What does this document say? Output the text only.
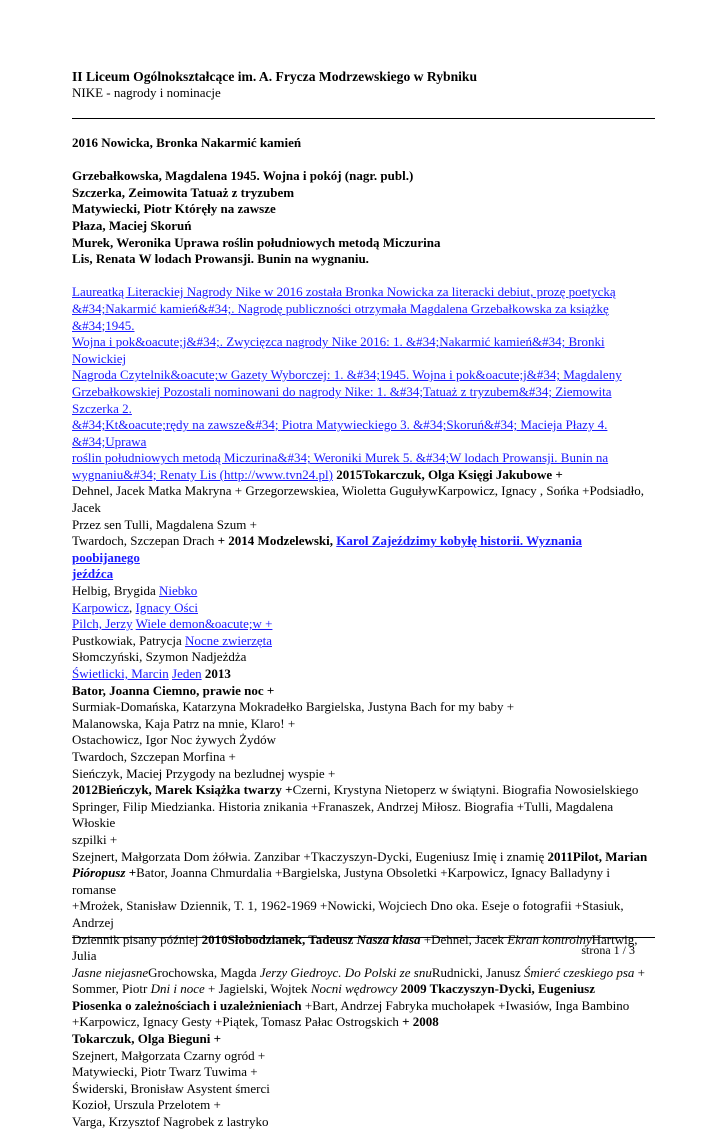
II Liceum Ogólnokształcące im. A. Frycza Modrzewskiego w Rybniku
NIKE - nagrody i nominacje
2016 Nowicka, Bronka Nakarmić kamień
Grzebałkowska, Magdalena 1945. Wojna i pokój (nagr. publ.)
Szczerka, Zeimowita Tatuaż z tryzubem
Matywiecki, Piotr Któręły na zawsze
Płaza, Maciej Skoruń
Murek, Weronika Uprawa roślin południowych metodą Miczurina
Lis, Renata W lodach Prowansji. Bunin na wygnaniu.
Laureatką Literackiej Nagrody Nike w 2016 została Bronka Nowicka za literacki debiut, prozę poetycką
&#34;Nakarmić kamień&#34;. Nagrodę publiczności otrzymała Magdalena Grzebałkowska za książkę &#34;1945.
Wojna i pok&oacute;j&#34;. Zwycięzca nagrody Nike 2016: 1. &#34;Nakarmić kamień&#34; Bronki Nowickiej
Nagroda Czytelnik&oacute;w Gazety Wyborczej: 1. &#34;1945. Wojna i pok&oacute;j&#34; Magdaleny
Grzebałkowskiej Pozostali nominowani do nagrody Nike: 1. &#34;Tatuaż z tryzubem&#34; Ziemowita Szczerka 2.
&#34;Kt&oacute;rędy na zawsze&#34; Piotra Matywieckiego 3. &#34;Skoruń&#34; Macieja Płazy 4. &#34;Uprawa
roślin południowych metodą Miczurina&#34; Weroniki Murek 5. &#34;W lodach Prowansji. Bunin na
wygnaniu&#34; Renaty Lis (http://www.tvn24.pl) 2015Tokarczuk, Olga Księgi Jakubowe +
Dehnel, Jacek Matka Makryna + Grzegorzewskiea, Wioletta GuguływKarpowicz, Ignacy , Sońka +Podsiadło, Jacek
Przez sen Tulli, Magdalena Szum +
Twardoch, Szczepan Drach + 2014 Modzelewski, Karol Zajeździmy kobyłę historii. Wyznania poobijanego
jeźdźca
Helbig, Brygida Niebko
Karpowicz, Ignacy Ości
Pilch, Jerzy Wiele demon&oacute;w +
Pustkowiak, Patrycja Nocne zwierzęta
Słomczyński, Szymon Nadjeżdża
Świetlicki, Marcin Jeden 2013
Bator, Joanna Ciemno, prawie noc +
Surmiak-Domańska, Katarzyna Mokradełko Bargielska, Justyna Bach for my baby +
Malanowska, Kaja Patrz na mnie, Klaro! +
Ostachowicz, Igor Noc żywych Żydów
Twardoch, Szczepan Morfina +
Sieńczyk, Maciej Przygody na bezludnej wyspie +
2012Bieńczyk, Marek Książka twarzy +Czerni, Krystyna Nietoperz w świątyni. Biografia Nowosielskiego
Springer, Filip Miedzianka. Historia znikania +Franaszek, Andrzej Miłosz. Biografia +Tulli, Magdalena Włoskie
szpilki +
Szejnert, Małgorzata Dom żółwia. Zanzibar +Tkaczyszyn-Dycki, Eugeniusz Imię i znamię 2011Pilot, Marian
Pióropusz +Bator, Joanna Chmurdalia +Bargielska, Justyna Obsoletki +Karpowicz, Ignacy Balladyny i romanse
+Mrożek, Stanisław Dziennik, T. 1, 1962-1969 +Nowicki, Wojciech Dno oka. Eseje o fotografii +Stasiuk, Andrzej
Dziennik pisany później 2010Słobodzianek, Tadeusz Nasza klasa +Dehnel, Jacek Ekran kontrolnyHartwig, Julia
Jasne niejasneGrochowska, Magda Jerzy Giedroyc. Do Polski ze snuRudnicki, Janusz Śmierć czeskiego psa +
Sommer, Piotr Dni i noce + Jagielski, Wojtek Nocni wędrowcy 2009 Tkaczyszyn-Dycki, Eugeniusz
Piosenka o zależnościach i uzależnieniach +Bart, Andrzej Fabryka muchołapek +Iwasiów, Inga Bambino
+Karpowicz, Ignacy Gesty +Piątek, Tomasz Pałac Ostrogskich + 2008
Tokarczuk, Olga Bieguni +
Szejnert, Małgorzata Czarny ogród +
Matywiecki, Piotr Twarz Tuwima +
Świderski, Bronisław Asystent śmerci
Kozioł, Urszula Przelotem +
Varga, Krzysztof Nagrobek z lastryko
strona 1 / 3
